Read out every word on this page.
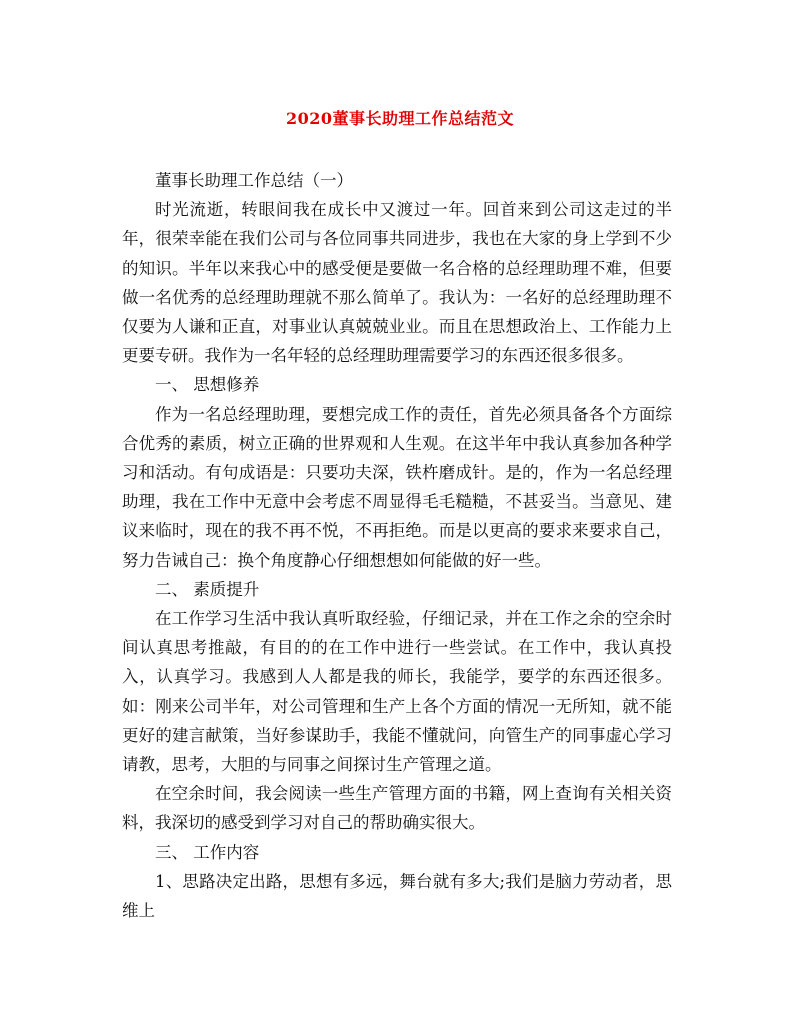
2020董事长助理工作总结范文

董事长助理工作总结（一）

时光流逝，转眼间我在成长中又渡过一年。回首来到公司这走过的半年，很荣幸能在我们公司与各位同事共同进步，我也在大家的身上学到不少的知识。半年以来我心中的感受便是要做一名合格的总经理助理不难，但要做一名优秀的总经理助理就不那么简单了。我认为：一名好的总经理助理不仅要为人谦和正直，对事业认真兢兢业业。而且在思想政治上、工作能力上更要专研。我作为一名年轻的总经理助理需要学习的东西还很多很多。

一、 思想修养

作为一名总经理助理，要想完成工作的责任，首先必须具备各个方面综合优秀的素质，树立正确的世界观和人生观。在这半年中我认真参加各种学习和活动。有句成语是：只要功夫深，铁杵磨成针。是的，作为一名总经理助理，我在工作中无意中会考虑不周显得毛毛糙糙，不甚妥当。当意见、建议来临时，现在的我不再不悦，不再拒绝。而是以更高的要求来要求自己，努力告诫自己：换个角度静心仔细想想如何能做的好一些。

二、 素质提升

在工作学习生活中我认真听取经验，仔细记录，并在工作之余的空余时间认真思考推敲，有目的的在工作中进行一些尝试。在工作中，我认真投入，认真学习。我感到人人都是我的师长，我能学，要学的东西还很多。如：刚来公司半年，对公司管理和生产上各个方面的情况一无所知，就不能更好的建言献策，当好参谋助手，我能不懂就问，向管生产的同事虚心学习请教，思考，大胆的与同事之间探讨生产管理之道。

在空余时间，我会阅读一些生产管理方面的书籍，网上查询有关相关资料，我深切的感受到学习对自己的帮助确实很大。

三、 工作内容

1、思路决定出路，思想有多远，舞台就有多大;我们是脑力劳动者，思维上
